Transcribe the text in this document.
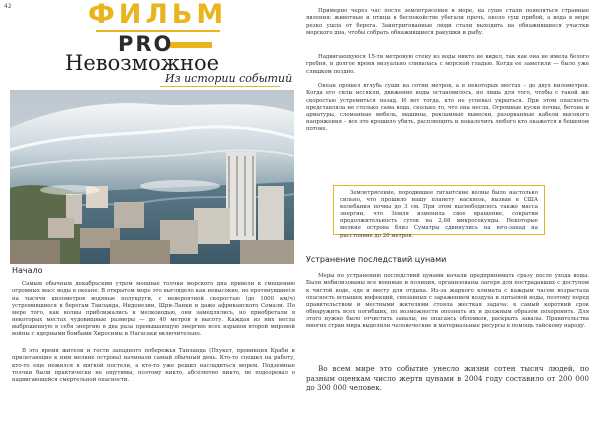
42	ФИЛЬМ
PRO
Невозможное
Из истории событий
Начало

Самым обычным декабрьским утром мощные толчки морского дна привели к смещению огромных масс воды в океане. В открытом море это выглядело как невысокие, но протянувшиеся на тысячи километров водяные полукруги, с невероятной скоростью (до 1000 км/ч) устремившиеся к берегам Таиланда, Индонезии, Шри-Ланки и даже африканского Сомали. По мере того, как волны приближались к мелководью, они замедлялись, но приобретали в некоторых местах чудовищные размеры — до 40 метров в высоту. Каждая из них несла выброшенную в себя энергию в два раза превышающую энергию всех взрывов второй мировой войны с ядерными бомбами Хиросимы и Нагасаки включительно.

В это время жители и гости западного побережья Таиланда (Пхукет, провинция Краби и прилегающие к ним мелкие острова) начинали самый обычный день. Кто-то спешил на работу, кто-то еще нежился в мягкой постели, а кто-то уже решил насладиться морем. Подземные толчки были практически не ощутимы, поэтому никто, абсолютно никто, не подозревал о надвигающейся смертельной опасности.

Примерно через час после землетрясения в море, на суше стали появляться странные явления: животные и птицы в беспокойстве убегали прочь, около суш прибой, а вода в море резко ушла от берега. Заинтригованные люди стали выходить на обнажившиеся участки морского дна, чтобы собрать обнажившиеся ракушки и рыбу.

Надвигающуюся 15-ти метровую стену из воды никто не видел, так как она не имела белого гребня, и долгое время визуально сливалась с морской гладью. Когда ее заметили — было уже слишком поздно.

Океан прошел вглубь суши на сотни метров, а в некоторых местах – до двух километров. Когда его силы иссякли, движение воды остановилось, но лишь для того, чтобы с такой же скоростью устремиться назад. И вот тогда, кто не успевал укрыться. При этом опасность представляла не столько сама вода, сколько то, что она несла. Огромные куски почвы, бетона и арматуры, сломанные мебель, машины, рекламные вывески, разорванные кабели высокого напряжения – все это крошило убить, расплющить и покалечить любого кто окажется в бешеном потоке.

Землетрясение, породившее гигантские волны было настолько сильно, что прошило нашу планету насквозь, вызвав в США колебания почвы до 3 см. При этом высвободилось также масса энергии, что Земля изменила свое вращение, сократив продолжительность суток на 2,68 микросекунды. Некоторые мелкие острова близ Суматры сдвинулись на юго-запад на расстояние до 20 метров.

Устранение последствий цунами

Меры по устранению последствий цунами начали предпринимать сразу после ухода воды. Были мобилизованы все военные и полиция, организованы лагеря для пострадавших с доступом к чистой воде, еде и месту для отдыха. Из-за жаркого климата с каждым часом возрастала опасность вспышек инфекций, связанных с заражением воздуха и питьевой воды, поэтому перед правительством и местными жителями стояла жесткая задача: в самый короткий срок обнаружить всех погибших, по возможности опознать их и должным образом похоронить. Для этого нужно было отчистить завалы, не опасаясь обломков, раскрыть завалы. Правительства многих стран мира выделили человеческие и материальные ресурсы в помощь тайскому народу.

Во всем мире это событие унесло жизни сотен тысяч людей, по разным оценкам число жертв цунами в 2004 году составило от 200 000 до 300 000 человек.
